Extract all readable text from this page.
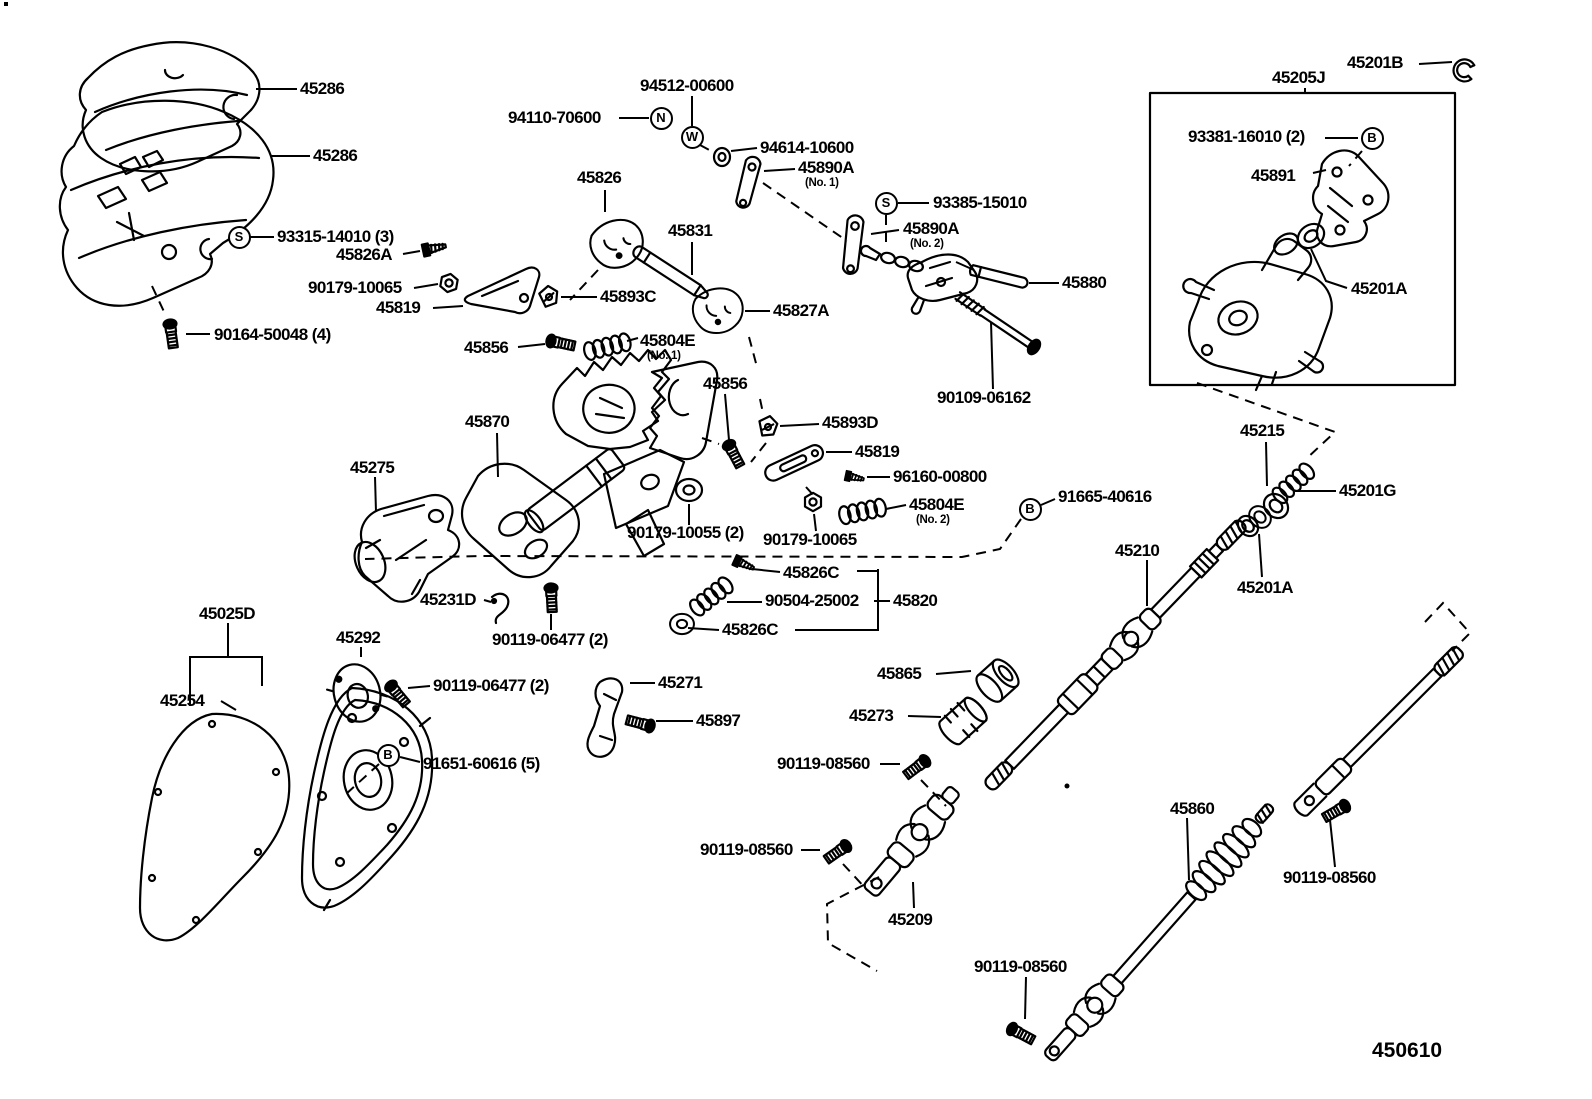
45286
45286
93315-14010 (3)
45826A
90179-10065
45819
90164-50048 (4)
94512-00600
94110-70600
94614-10600
45890A
(No. 1)
45826
45831
93385-15010
45890A
(No. 2)
45880
90109-06162
45893C
45827A
45856	45804E
(No. 1)
45856
45870	45893D
45275
45819
96160-00800
45804E
(No. 2)
91665-40616
45215
45201G
45210
45201A
90179-10055 (2) 90179-10065
45826C
90504-25002 45820
45826C
45025D
45254
45292
45231D
90119-06477 (2)
90119-06477 (2)
91651-60616 (5)
45271
45897
45865
45273
90119-08560
90119-08560
45209
45860
90119-08560
90119-08560
45205J
45201B
93381-16010 (2)
45891
45201A
450610
S
N
W
S
B
B
B
